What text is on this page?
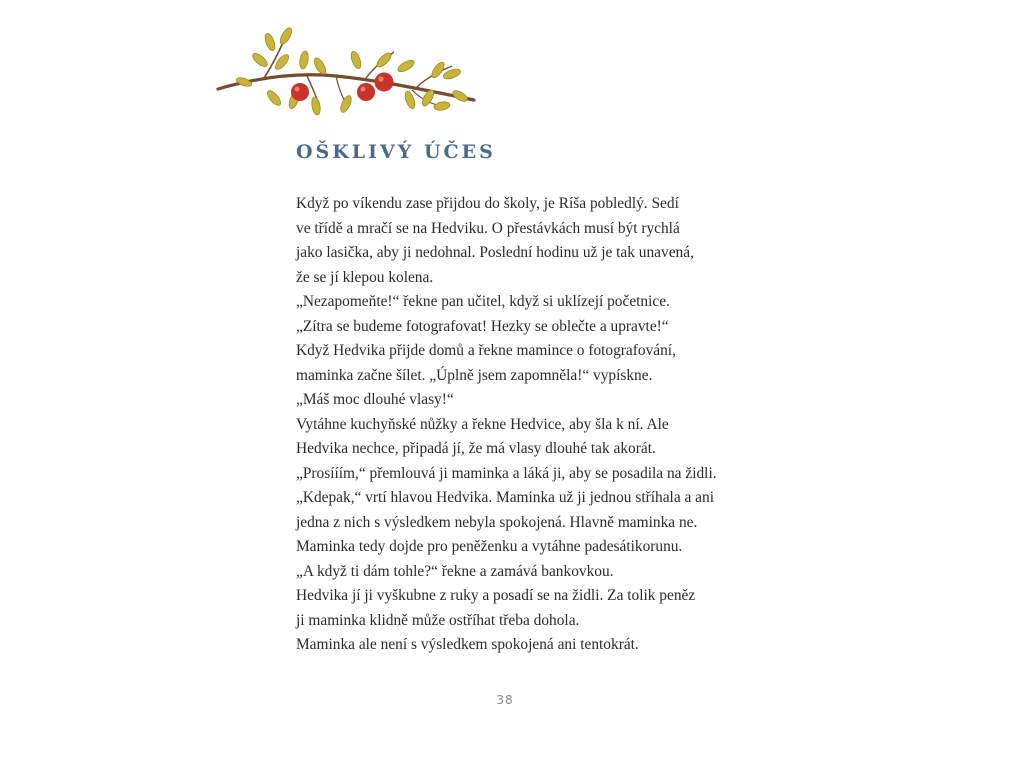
OŠKLIVÝ ÚČES
Když po víkendu zase přijdou do školy, je Ríša pobledlý. Sedí
ve třídě a mračí se na Hedviku. O přestávkách musí být rychlá
jako lasička, aby ji nedohnal. Poslední hodinu už je tak unavená,
že se jí klepou kolena.
„Nezapomeňte!“ řekne pan učitel, když si uklízejí početnice.
„Zítra se budeme fotografovat! Hezky se oblečte a upravte!“
Když Hedvika přijde domů a řekne mamince o fotografování,
maminka začne šílet. „Úplně jsem zapomněla!“ vypískne.
„Máš moc dlouhé vlasy!“
Vytáhne kuchyňské nůžky a řekne Hedvice, aby šla k ní. Ale
Hedvika nechce, připadá jí, že má vlasy dlouhé tak akorát.
„Prosííím,“ přemlouvá ji maminka a láká ji, aby se posadila na židli.
„Kdepak,“ vrtí hlavou Hedvika. Maminka už ji jednou stříhala a ani
jedna z nich s výsledkem nebyla spokojená. Hlavně maminka ne.
Maminka tedy dojde pro peněženku a vytáhne padesátikorunu.
„A když ti dám tohle?“ řekne a zamává bankovkou.
Hedvika jí ji vyškubne z ruky a posadí se na židli. Za tolik peněz
ji maminka klidně může ostříhat třeba dohola.
Maminka ale není s výsledkem spokojená ani tentokrát.
38
